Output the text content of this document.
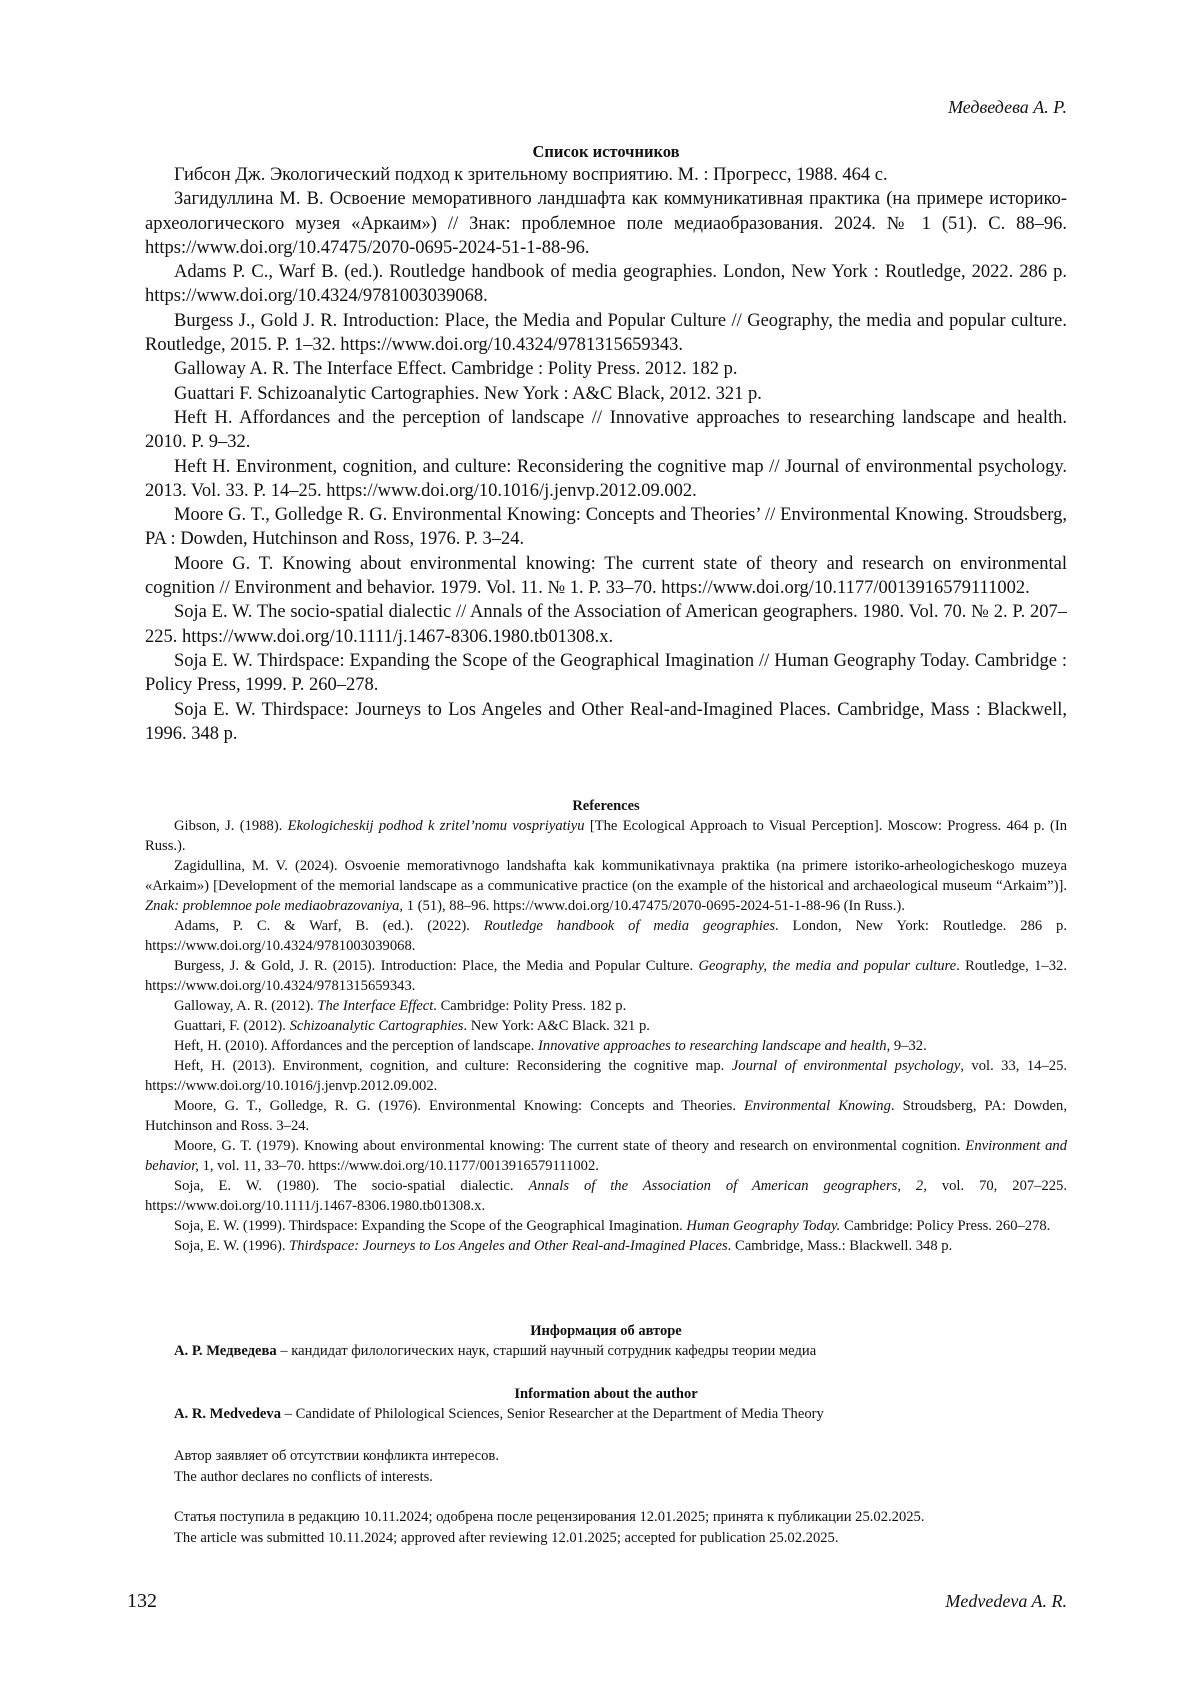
Медведева А. Р.
Список источников

Гибсон Дж. Экологический подход к зрительному восприятию. М. : Прогресс, 1988. 464 с.

Загидуллина М. В. Освоение меморативного ландшафта как коммуникативная практика (на примере историко-археологического музея «Аркаим») // Знак: проблемное поле медиаобразования. 2024. № 1 (51). С. 88–96. https://www.doi.org/10.47475/2070-0695-2024-51-1-88-96.

Adams P. C., Warf B. (ed.). Routledge handbook of media geographies. London, New York : Routledge, 2022. 286 p. https://www.doi.org/10.4324/9781003039068.

Burgess J., Gold J. R. Introduction: Place, the Media and Popular Culture // Geography, the media and popular culture. Routledge, 2015. P. 1–32. https://www.doi.org/10.4324/9781315659343.

Galloway A. R. The Interface Effect. Cambridge : Polity Press. 2012. 182 p.

Guattari F. Schizoanalytic Cartographies. New York : A&C Black, 2012. 321 p.

Heft H. Affordances and the perception of landscape // Innovative approaches to researching landscape and health. 2010. P. 9–32.

Heft H. Environment, cognition, and culture: Reconsidering the cognitive map // Journal of environmental psychology. 2013. Vol. 33. P. 14–25. https://www.doi.org/10.1016/j.jenvp.2012.09.002.

Moore G. T., Golledge R. G. Environmental Knowing: Concepts and Theories’ // Environmental Knowing. Stroudsberg, PA : Dowden, Hutchinson and Ross, 1976. P. 3–24.

Moore G. T. Knowing about environmental knowing: The current state of theory and research on environmental cognition // Environment and behavior. 1979. Vol. 11. № 1. P. 33–70. https://www.doi.org/10.1177/0013916579111002.

Soja E. W. The socio-spatial dialectic // Annals of the Association of American geographers. 1980. Vol. 70. № 2. P. 207–225. https://www.doi.org/10.1111/j.1467-8306.1980.tb01308.x.

Soja E. W. Thirdspace: Expanding the Scope of the Geographical Imagination // Human Geography Today. Cambridge : Policy Press, 1999. P. 260–278.

Soja E. W. Thirdspace: Journeys to Los Angeles and Other Real-and-Imagined Places. Cambridge, Mass : Blackwell, 1996. 348 p.

References

Gibson, J. (1988). Ekologicheskij podhod k zritel’nomu vospriyatiyu [The Ecological Approach to Visual Perception]. Moscow: Progress. 464 p. (In Russ.).

Zagidullina, M. V. (2024). Osvoenie memorativnogo landshafta kak kommunikativnaya praktika (na primere istoriko-arheologicheskogo muzeya «Arkaim») [Development of the memorial landscape as a communicative practice (on the example of the historical and archaeological museum “Arkaim”)]. Znak: problemnoe pole mediaobrazovaniya, 1 (51), 88–96. https://www.doi.org/10.47475/2070-0695-2024-51-1-88-96 (In Russ.).

Adams, P. C. & Warf, B. (ed.). (2022). Routledge handbook of media geographies. London, New York: Routledge. 286 p. https://www.doi.org/10.4324/9781003039068.

Burgess, J. & Gold, J. R. (2015). Introduction: Place, the Media and Popular Culture. Geography, the media and popular culture. Routledge, 1–32. https://www.doi.org/10.4324/9781315659343.

Galloway, A. R. (2012). The Interface Effect. Cambridge: Polity Press. 182 p.

Guattari, F. (2012). Schizoanalytic Cartographies. New York: A&C Black. 321 p.

Heft, H. (2010). Affordances and the perception of landscape. Innovative approaches to researching landscape and health, 9–32.

Heft, H. (2013). Environment, cognition, and culture: Reconsidering the cognitive map. Journal of environmental psychology, vol. 33, 14–25. https://www.doi.org/10.1016/j.jenvp.2012.09.002.

Moore, G. T., Golledge, R. G. (1976). Environmental Knowing: Concepts and Theories. Environmental Knowing. Stroudsberg, PA: Dowden, Hutchinson and Ross. 3–24.

Moore, G. T. (1979). Knowing about environmental knowing: The current state of theory and research on environmental cognition. Environment and behavior, 1, vol. 11, 33–70. https://www.doi.org/10.1177/0013916579111002.

Soja, E. W. (1980). The socio-spatial dialectic. Annals of the Association of American geographers, 2, vol. 70, 207–225. https://www.doi.org/10.1111/j.1467-8306.1980.tb01308.x.

Soja, E. W. (1999). Thirdspace: Expanding the Scope of the Geographical Imagination. Human Geography Today. Cambridge: Policy Press. 260–278.

Soja, E. W. (1996). Thirdspace: Journeys to Los Angeles and Other Real-and-Imagined Places. Cambridge, Mass.: Blackwell. 348 p.

Информация об авторе

А. Р. Медведева – кандидат филологических наук, старший научный сотрудник кафедры теории медиа

Information about the author

A. R. Medvedeva – Candidate of Philological Sciences, Senior Researcher at the Department of Media Theory

Автор заявляет об отсутствии конфликта интересов.

The author declares no conflicts of interests.

Статья поступила в редакцию 10.11.2024; одобрена после рецензирования 12.01.2025; принята к публикации 25.02.2025.

The article was submitted 10.11.2024; approved after reviewing 12.01.2025; accepted for publication 25.02.2025.

132	Medvedeva A. R.
